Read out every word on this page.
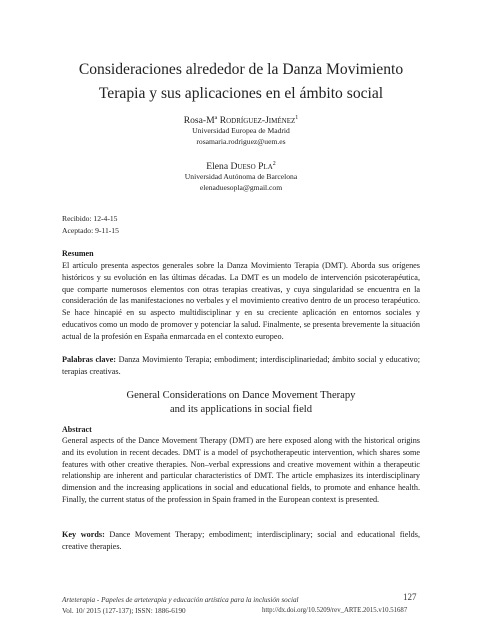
Consideraciones alrededor de la Danza Movimiento
Terapia y sus aplicaciones en el ámbito social
Rosa-Mª Rodríguez-Jiménez$^1$
Universidad Europea de Madrid
rosamaria.rodriguez@uem.es
Elena Dueso Pla$^2$
Universidad Autónoma de Barcelona
elenaduesopla@gmail.com
Recibido: 12-4-15
Aceptado: 9-11-15
Resumen

El artículo presenta aspectos generales sobre la Danza Movimiento Terapia (DMT). Aborda sus orígenes históricos y su evolución en las últimas décadas. La DMT es un modelo de intervención psicoterapéutica, que comparte numerosos elementos con otras terapias creativas, y cuya singularidad se encuentra en la consideración de las manifestaciones no verbales y el movimiento creativo dentro de un proceso terapéutico. Se hace hincapié en su aspecto multidisciplinar y en su creciente aplicación en entornos sociales y educativos como un modo de promover y potenciar la salud. Finalmente, se presenta brevemente la situación actual de la profesión en España enmarcada en el contexto europeo.

Palabras clave: Danza Movimiento Terapia; embodiment; interdisciplinariedad; ámbito social y educativo; terapias creativas.

General Considerations on Dance Movement Therapy
and its applications in social field
Abstract

General aspects of the Dance Movement Therapy (DMT) are here exposed along with the historical origins and its evolution in recent decades. DMT is a model of psychotherapeutic intervention, which shares some features with other creative therapies. Non–verbal expressions and creative movement within a therapeutic relationship are inherent and particular characteristics of DMT. The article emphasizes its interdisciplinary dimension and the increasing applications in social and educational fields, to promote and enhance health. Finally, the current status of the profession in Spain framed in the European context is presented.

Key words: Dance Movement Therapy; embodiment; interdisciplinary; social and educational fields, creative therapies.

Arteterapia - Papeles de arteterapia y educación artística para la inclusión social
Vol. 10/ 2015 (127-137); ISSN: 1886-6190
127
http://dx.doi.org/10.5209/rev_ARTE.2015.v10.51687
